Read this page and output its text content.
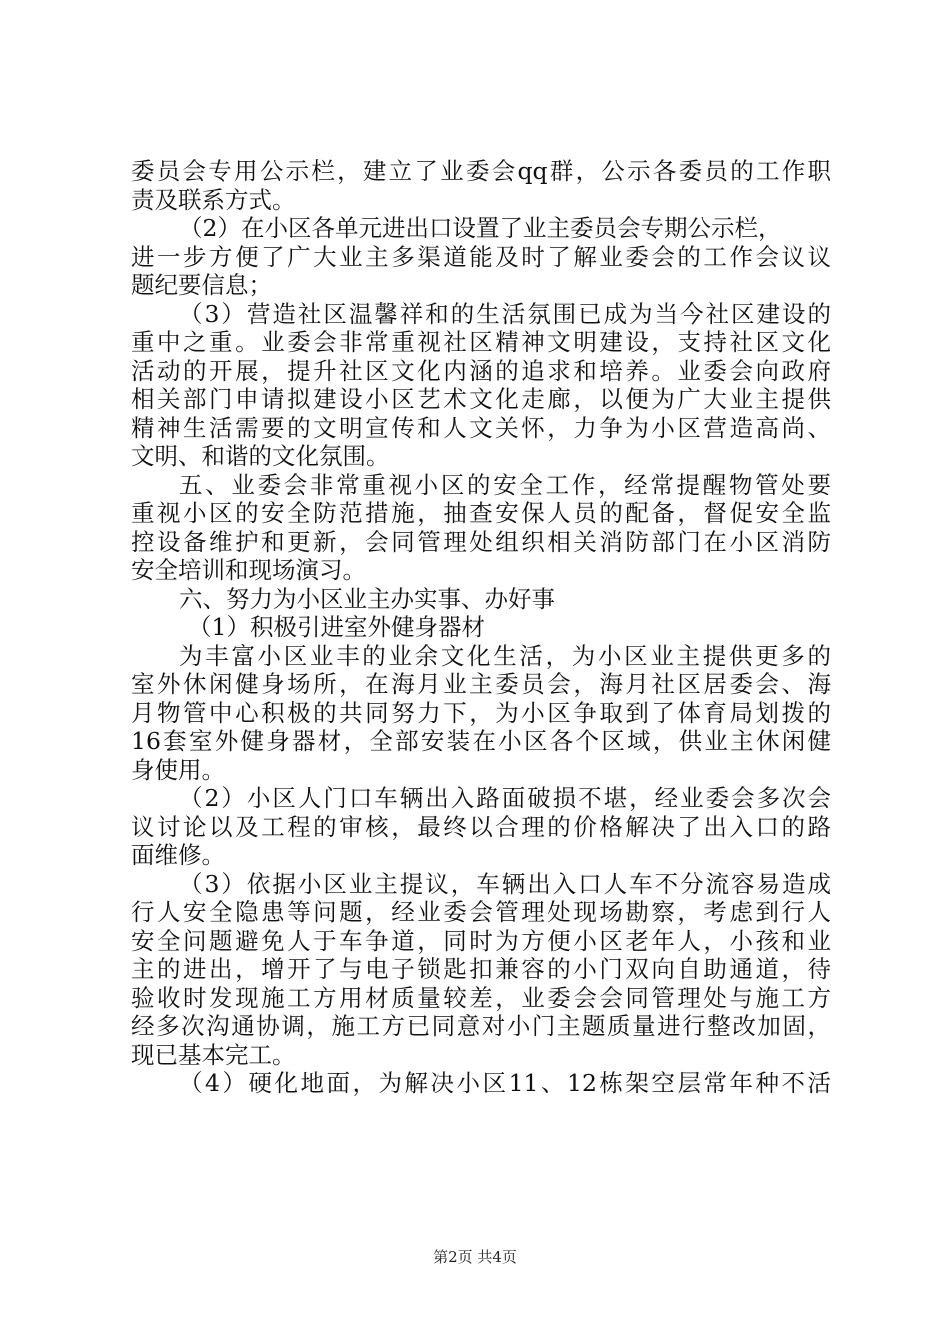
委员会专用公示栏，建立了业委会qq群，公示各委员的工作职
责及联系方式。
（2）在小区各单元进出口设置了业主委员会专期公示栏，
进一步方便了广大业主多渠道能及时了解业委会的工作会议议
题纪要信息；
（3）营造社区温馨祥和的生活氛围已成为当今社区建设的
重中之重。业委会非常重视社区精神文明建设，支持社区文化
活动的开展，提升社区文化内涵的追求和培养。业委会向政府
相关部门申请拟建设小区艺术文化走廊，以便为广大业主提供
精神生活需要的文明宣传和人文关怀，力争为小区营造高尚、
文明、和谐的文化氛围。
五、业委会非常重视小区的安全工作，经常提醒物管处要
重视小区的安全防范措施，抽查安保人员的配备，督促安全监
控设备维护和更新，会同管理处组织相关消防部门在小区消防
安全培训和现场演习。
六、努力为小区业主办实事、办好事
（1）积极引进室外健身器材
为丰富小区业丰的业余文化生活，为小区业主提供更多的
室外休闲健身场所，在海月业主委员会，海月社区居委会、海
月物管中心积极的共同努力下，为小区争取到了体育局划拨的
16套室外健身器材，全部安装在小区各个区域，供业主休闲健
身使用。
（2）小区人门口车辆出入路面破损不堪，经业委会多次会
议讨论以及工程的审核，最终以合理的价格解决了出入口的路
面维修。
（3）依据小区业主提议，车辆出入口人车不分流容易造成
行人安全隐患等问题，经业委会管理处现场勘察，考虑到行人
安全问题避免人于车争道，同时为方便小区老年人，小孩和业
主的进出，增开了与电子锁匙扣兼容的小门双向自助通道，待
验收时发现施工方用材质量较差，业委会会同管理处与施工方
经多次沟通协调，施工方已同意对小门主题质量进行整改加固，
现已基本完工。
（4）硬化地面，为解决小区11、12栋架空层常年种不活
第2页 共4页
